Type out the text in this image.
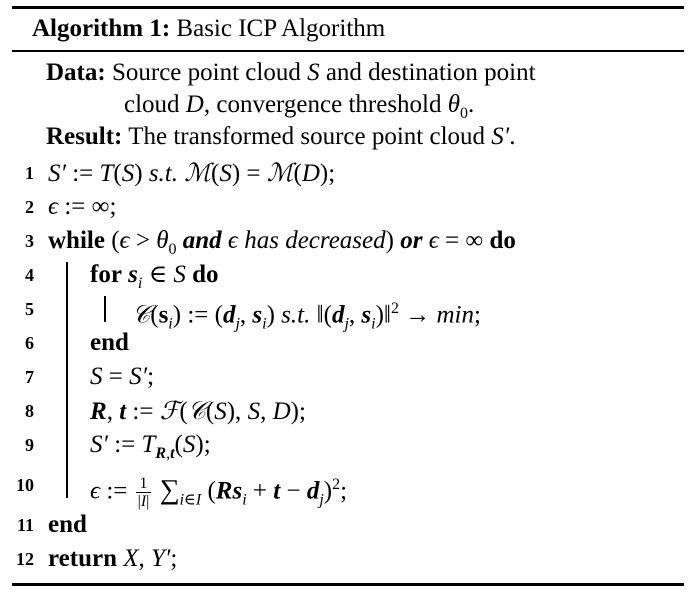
Algorithm 1: Basic ICP Algorithm
Data: Source point cloud S and destination point
cloud D, convergence threshold $\theta_0$.
Result: The transformed source point cloud S′.
1
2
3
4
5
6
7
8
9
10
11
12
S′ := T(S) s.t. ℳ(S) = ℳ(D);
ϵ := ∞;
while ($\epsilon > \theta_0$ and ϵ has decreased) or ϵ = ∞ do
for $s_i$ ∈ S do
$𝒞(s_i)$ := ($d_j$, $s_i$) s.t. $‖(d_j$, $s_i)‖^2 \to \min$;
end
S = S′;
R, t := ℱ(𝒞(S), S, D);
S′ := $T_{R,t}(S)$;
ϵ := $\frac{1}{|I|} \sum_{i\in I}$ $(Rs_i + t - d_j)^2$;
end
return X, Y′;
